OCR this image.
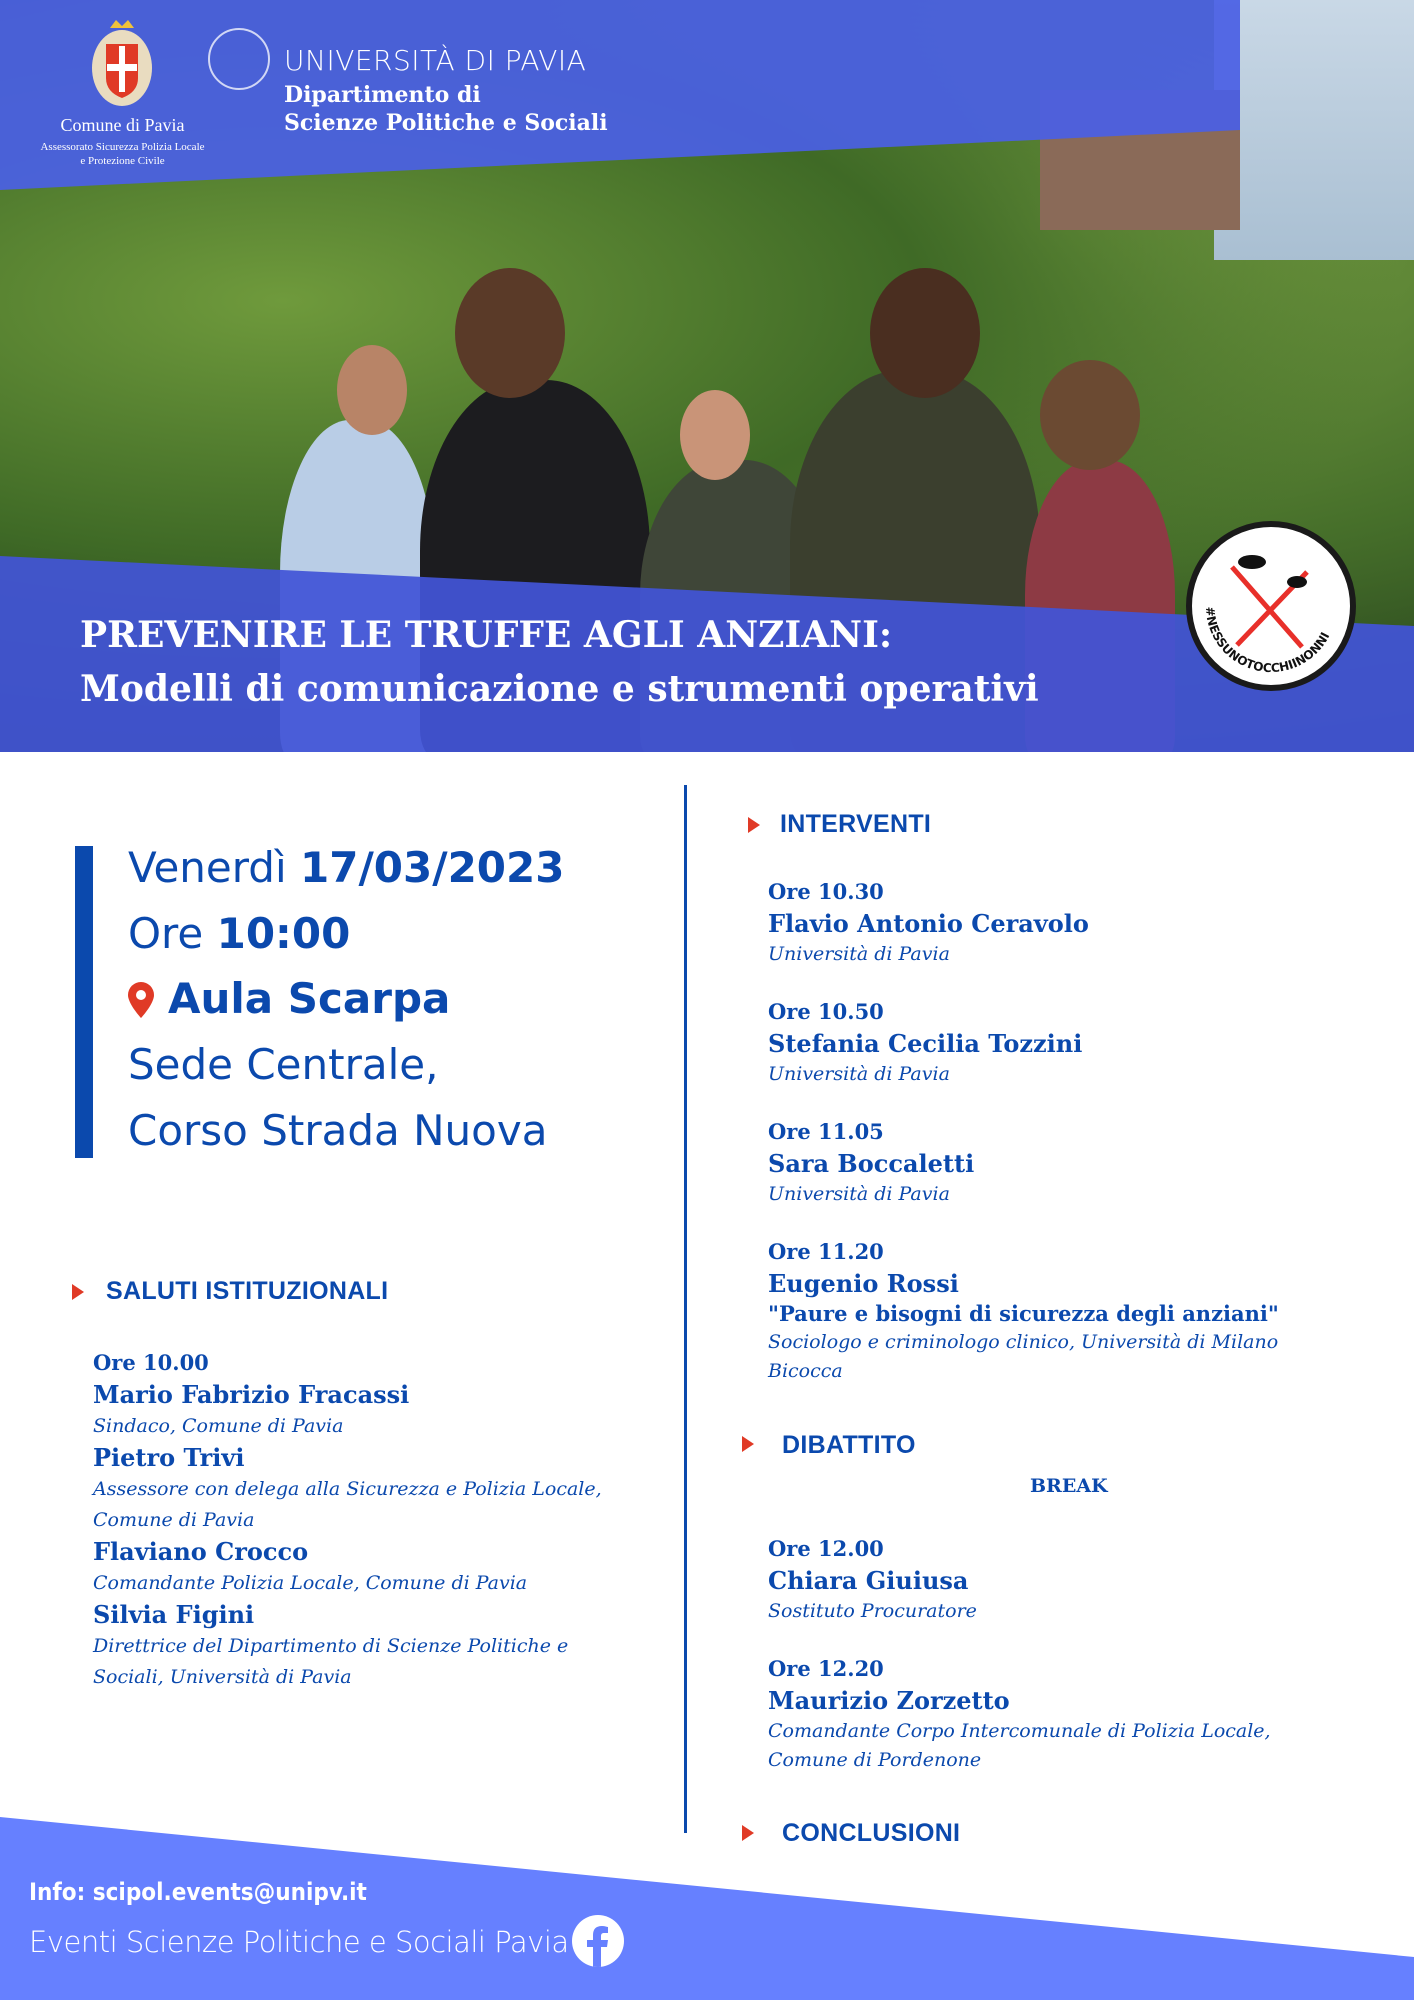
Comune di Pavia
Assessorato Sicurezza Polizia Locale
e Protezione Civile
UNIVERSITÀ DI PAVIA
Dipartimento di
Scienze Politiche e Sociali
PREVENIRE LE TRUFFE AGLI ANZIANI:
Modelli di comunicazione e strumenti operativi
#NESSUNOTOCCHIINONNI
Venerdì 17/03/2023
Ore 10:00
Aula Scarpa
Sede Centrale,
Corso Strada Nuova
SALUTI ISTITUZIONALI
Ore 10.00
Mario Fabrizio Fracassi
Sindaco, Comune di Pavia
Pietro Trivi
Assessore con delega alla Sicurezza e Polizia Locale,
Comune di Pavia
Flaviano Crocco
Comandante Polizia Locale, Comune di Pavia
Silvia Figini
Direttrice del Dipartimento di Scienze Politiche e
Sociali, Università di Pavia
INTERVENTI
Ore 10.30
Flavio Antonio Ceravolo
Università di Pavia
Ore 10.50
Stefania Cecilia Tozzini
Università di Pavia
Ore 11.05
Sara Boccaletti
Università di Pavia
Ore 11.20
Eugenio Rossi
"Paure e bisogni di sicurezza degli anziani"
Sociologo e criminologo clinico, Università di Milano
Bicocca
DIBATTITO
BREAK
Ore 12.00
Chiara Giuiusa
Sostituto Procuratore
Ore 12.20
Maurizio Zorzetto
Comandante Corpo Intercomunale di Polizia Locale,
Comune di Pordenone
CONCLUSIONI
Info: scipol.events@unipv.it
Eventi Scienze Politiche e Sociali Pavia
